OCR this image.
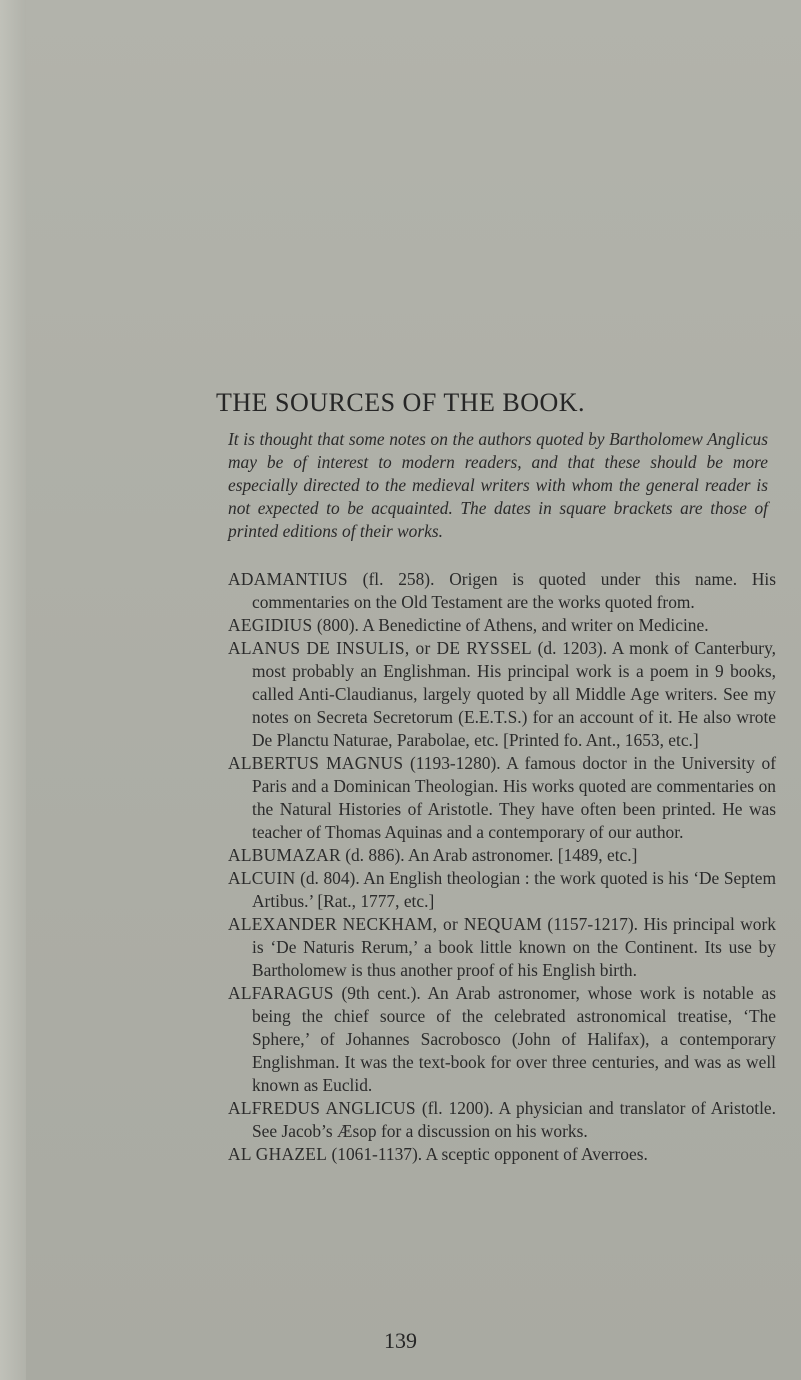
THE SOURCES OF THE BOOK.

It is thought that some notes on the authors quoted by Bartholomew Anglicus may be of interest to modern readers, and that these should be more especially directed to the medieval writers with whom the general reader is not expected to be acquainted. The dates in square brackets are those of printed editions of their works.

ADAMANTIUS (fl. 258). Origen is quoted under this name. His commentaries on the Old Testament are the works quoted from.

AEGIDIUS (800). A Benedictine of Athens, and writer on Medicine.

ALANUS DE INSULIS, or DE RYSSEL (d. 1203). A monk of Canterbury, most probably an Englishman. His principal work is a poem in 9 books, called Anti-Claudianus, largely quoted by all Middle Age writers. See my notes on Secreta Secretorum (E.E.T.S.) for an account of it. He also wrote De Planctu Naturae, Parabolae, etc. [Printed fo. Ant., 1653, etc.]

ALBERTUS MAGNUS (1193-1280). A famous doctor in the University of Paris and a Dominican Theologian. His works quoted are commentaries on the Natural Histories of Aristotle. They have often been printed. He was teacher of Thomas Aquinas and a contemporary of our author.

ALBUMAZAR (d. 886). An Arab astronomer. [1489, etc.]

ALCUIN (d. 804). An English theologian : the work quoted is his ‘De Septem Artibus.’ [Rat., 1777, etc.]

ALEXANDER NECKHAM, or NEQUAM (1157-1217). His principal work is ‘De Naturis Rerum,’ a book little known on the Continent. Its use by Bartholomew is thus another proof of his English birth.

ALFARAGUS (9th cent.). An Arab astronomer, whose work is notable as being the chief source of the celebrated astronomical treatise, ‘The Sphere,’ of Johannes Sacrobosco (John of Halifax), a contemporary Englishman. It was the text-book for over three centuries, and was as well known as Euclid.

ALFREDUS ANGLICUS (fl. 1200). A physician and translator of Aristotle. See Jacob’s Æsop for a discussion on his works.

AL GHAZEL (1061-1137). A sceptic opponent of Averroes.

139
